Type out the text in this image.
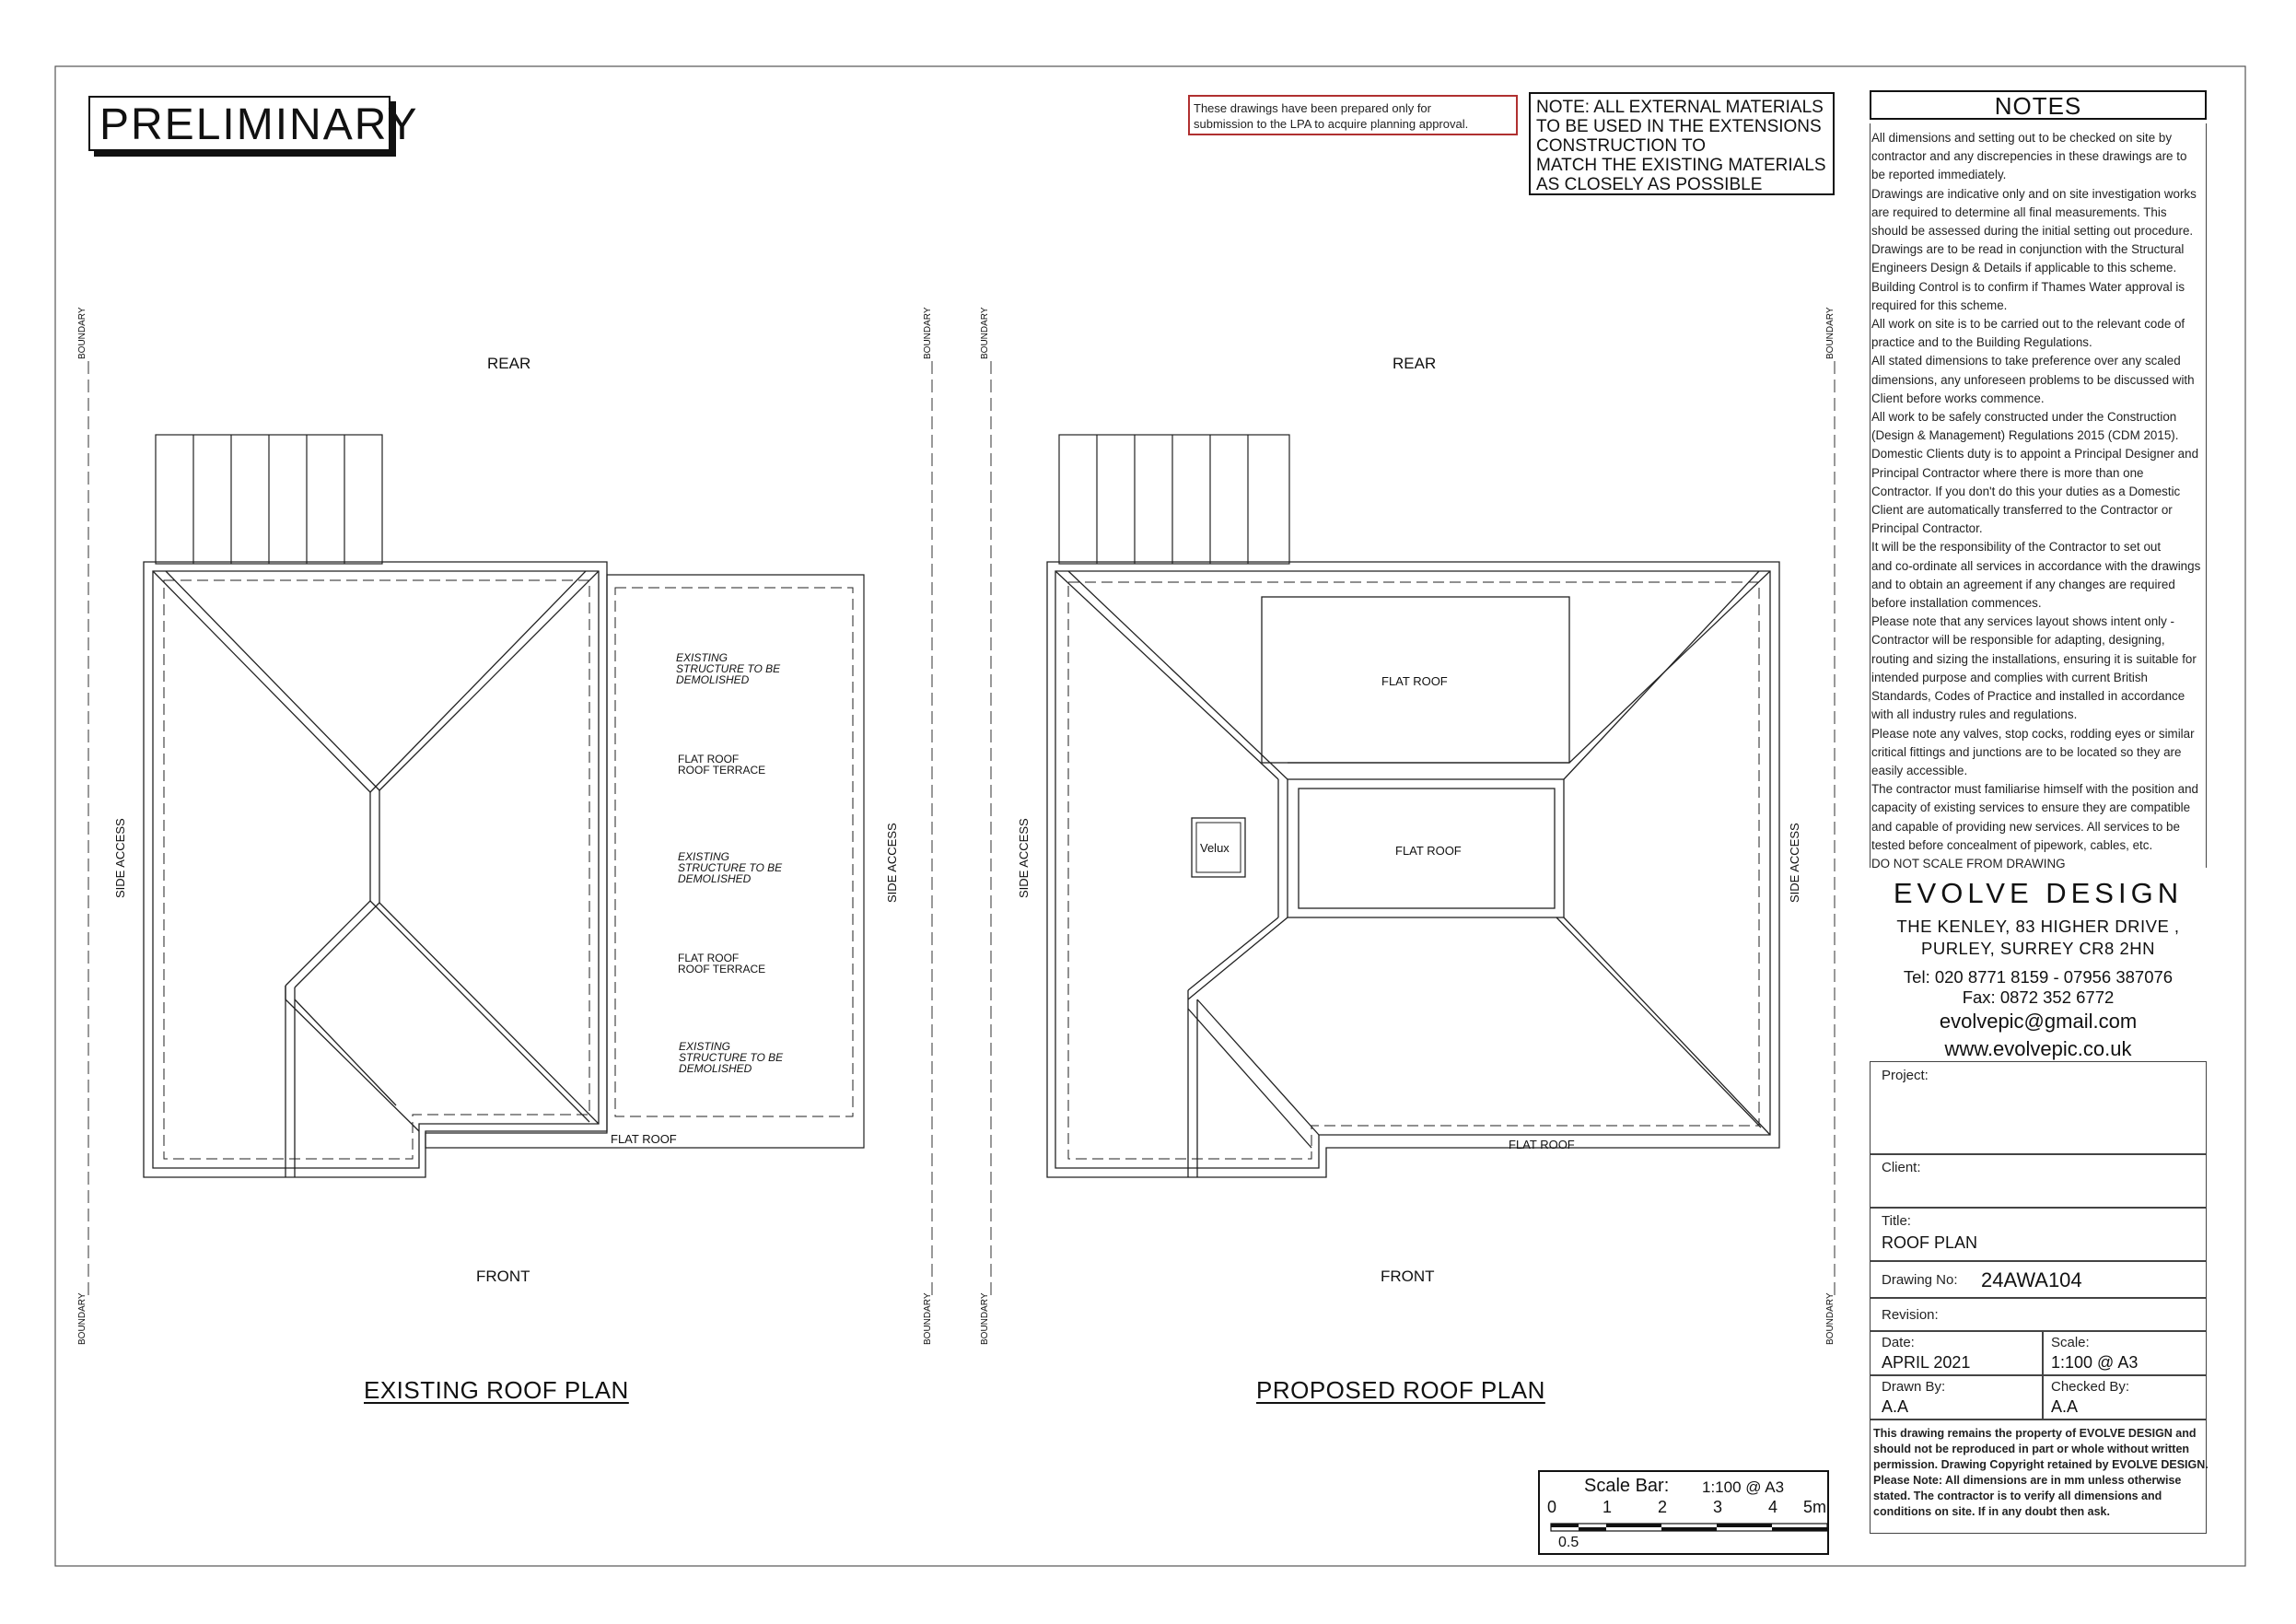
PRELIMINARY	These drawings have been prepared only for
submission to the LPA to acquire planning approval.
NOTE: ALL EXTERNAL MATERIALS
TO BE USED IN THE EXTENSIONS
CONSTRUCTION TO
MATCH THE EXISTING MATERIALS
AS CLOSELY AS POSSIBLE
BOUNDARY
BOUNDARY
BOUNDARY
BOUNDARY
SIDE ACCESS	SIDE ACCESS
REAR
FRONT
FLAT ROOF
EXISTING
STRUCTURE TO BE
DEMOLISHED
EXISTING
STRUCTURE TO BE
DEMOLISHED
EXISTING
STRUCTURE TO BE
DEMOLISHED
FLAT ROOF
ROOF TERRACE
FLAT ROOF
ROOF TERRACE
EXISTING ROOF PLAN
BOUNDARY
BOUNDARY
BOUNDARY
BOUNDARY
SIDE ACCESS	SIDE ACCESS
REAR
FRONT
Velux
FLAT ROOF
FLAT ROOF
FLAT ROOF
PROPOSED ROOF PLAN
Scale Bar: 1:100 @ A3
0	1	2	3	4 5m
0.5
NOTES
All dimensions and setting out to be checked on site by
contractor and any discrepencies in these drawings are to
be reported immediately.
Drawings are indicative only and on site investigation works
are required to determine all final measurements. This
should be assessed during the initial setting out procedure.
Drawings are to be read in conjunction with the Structural
Engineers Design & Details if applicable to this scheme.
Building Control is to confirm if Thames Water approval is
required for this scheme.
All work on site is to be carried out to the relevant code of
practice and to the Building Regulations.
All stated dimensions to take preference over any scaled
dimensions, any unforeseen problems to be discussed with
Client before works commence.
All work to be safely constructed under the Construction
(Design & Management) Regulations 2015 (CDM 2015).
Domestic Clients duty is to appoint a Principal Designer and
Principal Contractor where there is more than one
Contractor. If you don't do this your duties as a Domestic
Client are automatically transferred to the Contractor or
Principal Contractor.
It will be the responsibility of the Contractor to set out
and co-ordinate all services in accordance with the drawings
and to obtain an agreement if any changes are required
before installation commences.
Please note that any services layout shows intent only -
Contractor will be responsible for adapting, designing,
routing and sizing the installations, ensuring it is suitable for
intended purpose and complies with current British
Standards, Codes of Practice and installed in accordance
with all industry rules and regulations.
Please note any valves, stop cocks, rodding eyes or similar
critical fittings and junctions are to be located so they are
easily accessible.
The contractor must familiarise himself with the position and
capacity of existing services to ensure they are compatible
and capable of providing new services. All services to be
tested before concealment of pipework, cables, etc.
DO NOT SCALE FROM DRAWING
EVOLVE DESIGN
THE KENLEY, 83 HIGHER DRIVE ,
PURLEY, SURREY CR8 2HN
Tel: 020 8771 8159 - 07956 387076
Fax: 0872 352 6772
evolvepic@gmail.com
www.evolvepic.co.uk
Project:
Client:
Title:
ROOF PLAN
Drawing No: 24AWA104
Revision:
Date:
APRIL 2021
Scale:
1:100 @ A3
Drawn By:
A.A
Checked By:
A.A
This drawing remains the property of EVOLVE DESIGN and
should not be reproduced in part or whole without written
permission. Drawing Copyright retained by EVOLVE DESIGN.
Please Note: All dimensions are in mm unless otherwise
stated. The contractor is to verify all dimensions and
conditions on site. If in any doubt then ask.
